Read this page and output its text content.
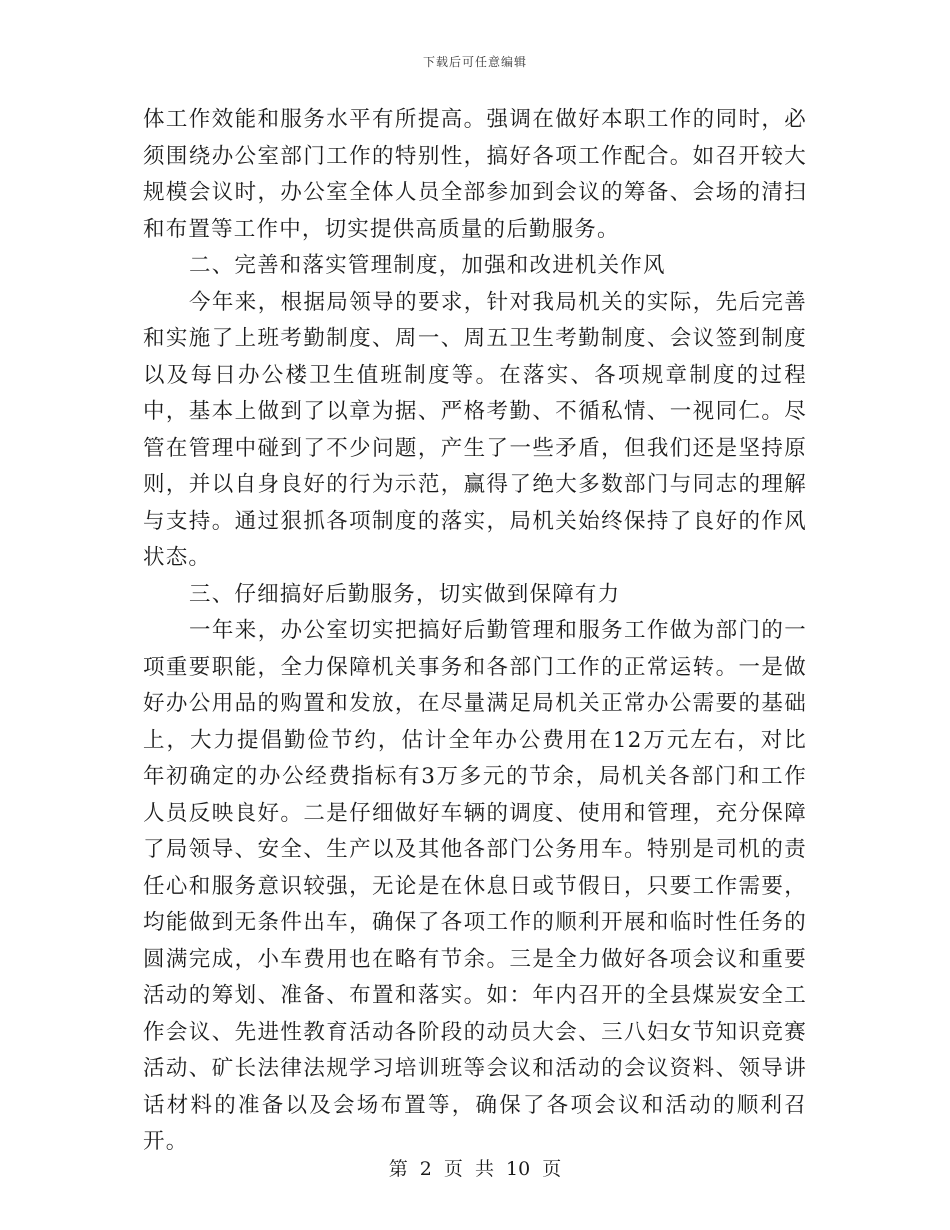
下载后可任意编辑

体工作效能和服务水平有所提高。强调在做好本职工作的同时，必须围绕办公室部门工作的特别性，搞好各项工作配合。如召开较大规模会议时，办公室全体人员全部参加到会议的筹备、会场的清扫和布置等工作中，切实提供高质量的后勤服务。

二、完善和落实管理制度，加强和改进机关作风

今年来，根据局领导的要求，针对我局机关的实际，先后完善和实施了上班考勤制度、周一、周五卫生考勤制度、会议签到制度以及每日办公楼卫生值班制度等。在落实、各项规章制度的过程中，基本上做到了以章为据、严格考勤、不循私情、一视同仁。尽管在管理中碰到了不少问题，产生了一些矛盾，但我们还是坚持原则，并以自身良好的行为示范，赢得了绝大多数部门与同志的理解与支持。通过狠抓各项制度的落实，局机关始终保持了良好的作风状态。

三、仔细搞好后勤服务，切实做到保障有力

一年来，办公室切实把搞好后勤管理和服务工作做为部门的一项重要职能，全力保障机关事务和各部门工作的正常运转。一是做好办公用品的购置和发放，在尽量满足局机关正常办公需要的基础上，大力提倡勤俭节约，估计全年办公费用在12万元左右，对比年初确定的办公经费指标有3万多元的节余，局机关各部门和工作人员反映良好。二是仔细做好车辆的调度、使用和管理，充分保障了局领导、安全、生产以及其他各部门公务用车。特别是司机的责任心和服务意识较强，无论是在休息日或节假日，只要工作需要，均能做到无条件出车，确保了各项工作的顺利开展和临时性任务的圆满完成，小车费用也在略有节余。三是全力做好各项会议和重要活动的筹划、准备、布置和落实。如：年内召开的全县煤炭安全工作会议、先进性教育活动各阶段的动员大会、三八妇女节知识竞赛活动、矿长法律法规学习培训班等会议和活动的会议资料、领导讲话材料的准备以及会场布置等，确保了各项会议和活动的顺利召开。

第 2 页 共 10 页
